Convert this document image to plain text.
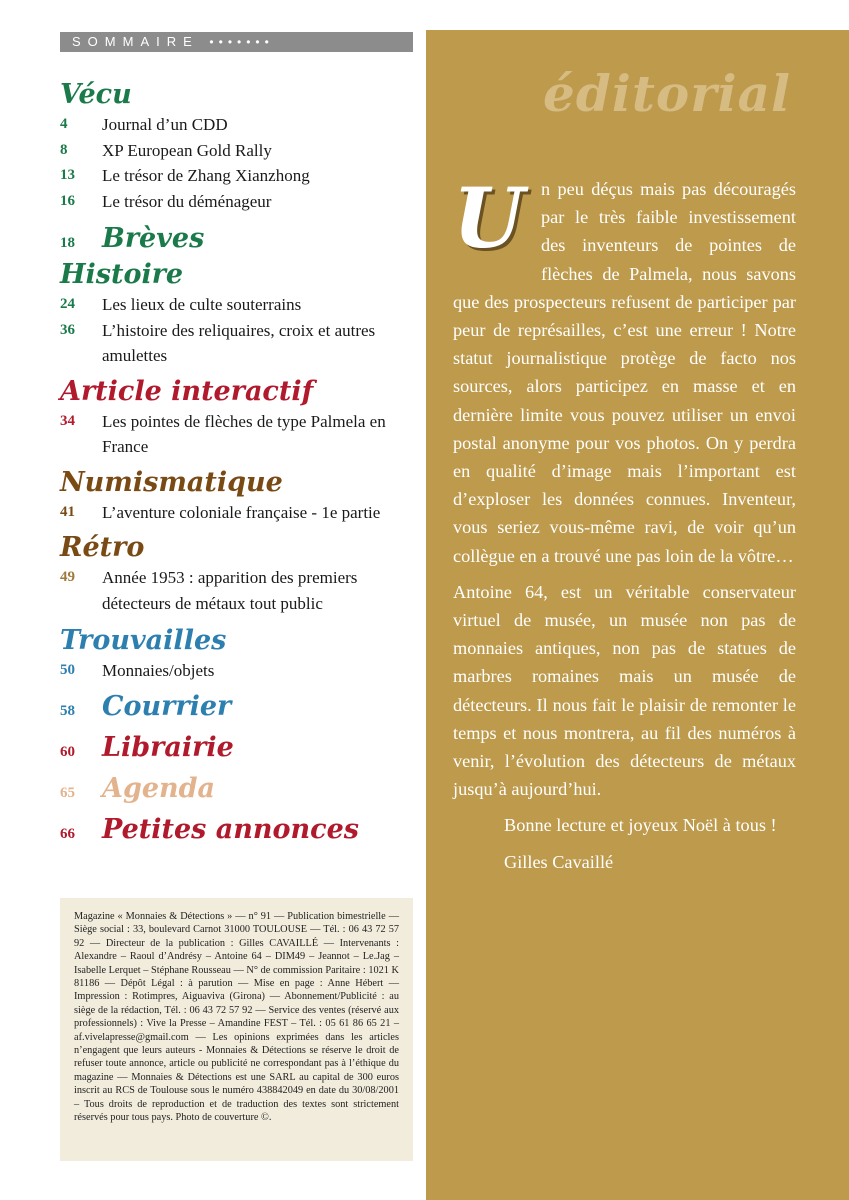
SOMMAIRE •••••••
Vécu
4	Journal d’un CDD
8	XP European Gold Rally
13	Le trésor de Zhang Xianzhong
16	Le trésor du déménageur
18	Brèves
Histoire
24	Les lieux de culte souterrains
36	L’histoire des reliquaires, croix et autres amulettes
Article interactif
34	Les pointes de flèches de type Palmela en France
Numismatique
41	L’aventure coloniale française - 1e partie
Rétro
49	Année 1953 : apparition des premiers détecteurs de métaux tout public
Trouvailles
50	Monnaies/objets
58	Courrier
60	Librairie
65	Agenda
66	Petites annonces
Magazine « Monnaies & Détections » — n° 91 — Publication bimestrielle — Siège social : 33, boulevard Carnot 31000 TOULOUSE — Tél. : 06 43 72 57 92 — Directeur de la publication : Gilles CAVAILLÉ — Intervenants : Alexandre – Raoul d’Andrésy – Antoine 64 – DIM49 – Jeannot – Le.Jag – Isabelle Lerquet – Stéphane Rousseau — N° de commission Paritaire : 1021 K 81186 — Dépôt Légal : à parution — Mise en page : Anne Hébert — Impression : Rotimpres, Aiguaviva (Girona) — Abonnement/Publicité : au siège de la rédaction, Tél. : 06 43 72 57 92 — Service des ventes (réservé aux professionnels) : Vive la Presse – Amandine FEST – Tél. : 05 61 86 65 21 – af.vivelapresse@gmail.com — Les opinions exprimées dans les articles n’engagent que leurs auteurs - Monnaies & Détections se réserve le droit de refuser toute annonce, article ou publicité ne correspondant pas à l’éthique du magazine — Monnaies & Détections est une SARL au capital de 300 euros inscrit au RCS de Toulouse sous le numéro 438842049 en date du 30/08/2001 – Tous droits de reproduction et de traduction des textes sont strictement réservés pour tous pays. Photo de couverture ©.
éditorial

U n peu déçus mais pas découragés par le très faible investissement des inventeurs de pointes de flèches de Palmela, nous savons que des prospecteurs refusent de participer par peur de représailles, c’est une erreur ! Notre statut journalistique protège de facto nos sources, alors participez en masse et en dernière limite vous pouvez utiliser un envoi postal anonyme pour vos photos. On y perdra en qualité d’image mais l’important est d’exploser les données connues. Inventeur, vous seriez vous-même ravi, de voir qu’un collègue en a trouvé une pas loin de la vôtre…

Antoine 64, est un véritable conservateur virtuel de musée, un musée non pas de monnaies antiques, non pas de statues de marbres romaines mais un musée de détecteurs. Il nous fait le plaisir de remonter le temps et nous montrera, au fil des numéros à venir, l’évolution des détecteurs de métaux jusqu’à aujourd’hui.

Bonne lecture et joyeux Noël à tous !

Gilles Cavaillé
